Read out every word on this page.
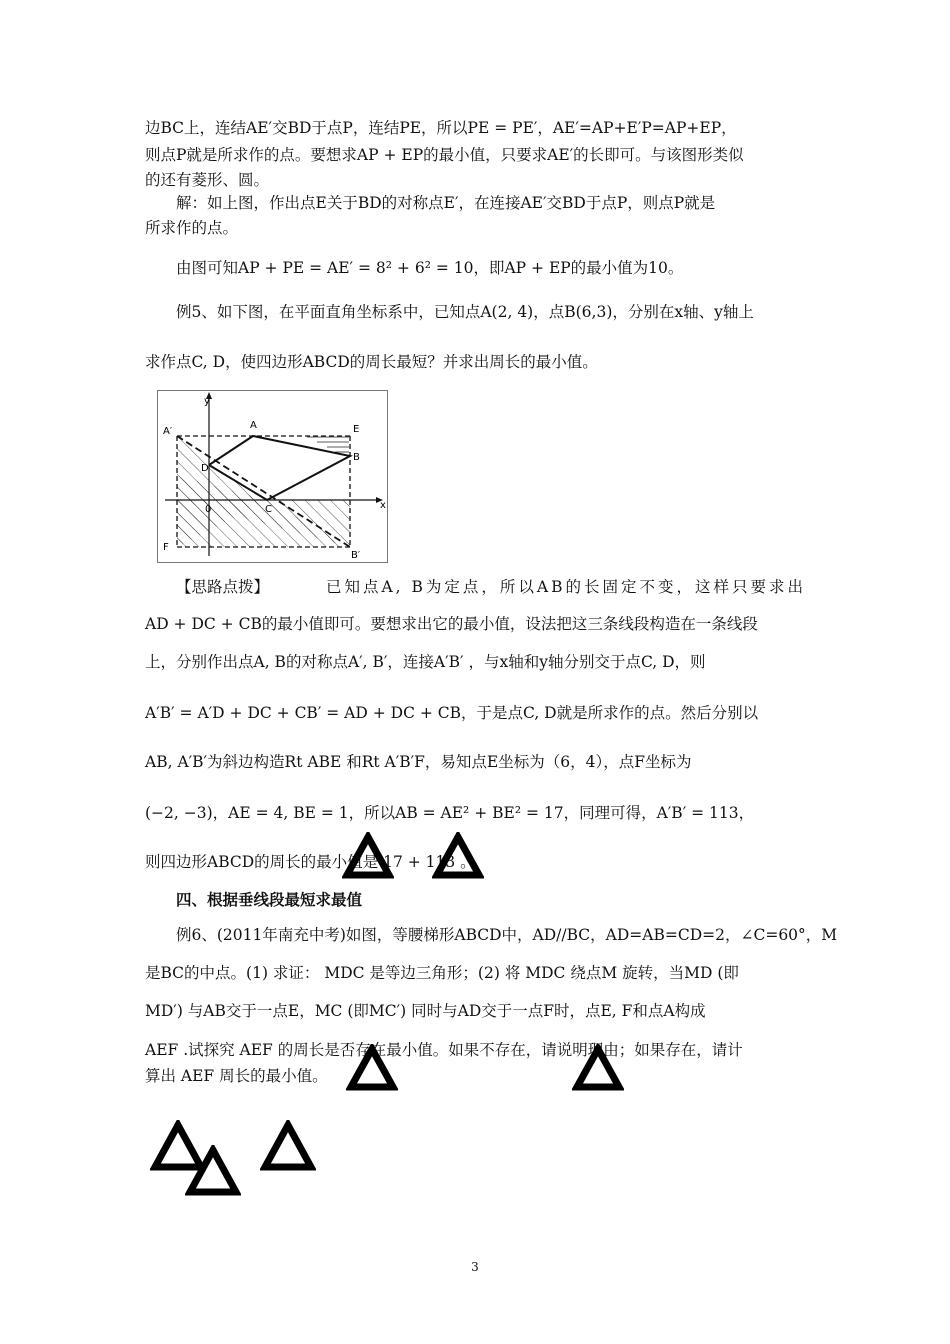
边BC上，连结AE′交BD于点P，连结PE，所以PE = PE′，AE′=AP+E′P=AP+EP，
则点P就是所求作的点。要想求AP + EP的最小值，只要求AE′的长即可。与该图形类似
的还有菱形、圆。
解：如上图，作出点E关于BD的对称点E′，在连接AE′交BD于点P，则点P就是
所求作的点。
由图可知AP + PE = AE′ = 8² + 6² = 10，即AP + EP的最小值为10。
例5、如下图，在平面直角坐标系中，已知点A(2, 4)，点B(6,3)，分别在x轴、y轴上
求作点C, D，使四边形ABCD的周长最短？并求出周长的最小值。
y
x
A	E
A′
B
D
0	C
F
B′
【思路点拨】	已知点A, B为定点，所以AB的长固定不变，这样只要求出
AD + DC + CB的最小值即可。要想求出它的最小值，设法把这三条线段构造在一条线段
上，分别作出点A, B的对称点A′, B′，连接A′B′ ，与x轴和y轴分别交于点C, D，则
A′B′ = A′D + DC + CB′ = AD + DC + CB，于是点C, D就是所求作的点。然后分别以
AB, A′B′为斜边构造Rt ABE 和Rt A′B′F，易知点E坐标为（6，4），点F坐标为
(−2, −3)，AE = 4, BE = 1，所以AB = AE² + BE² = 17，同理可得，A′B′ = 113，
则四边形ABCD的周长的最小值是 17 + 113 。
四、根据垂线段最短求最值
例6、(2011年南充中考)如图，等腰梯形ABCD中，AD//BC，AD=AB=CD=2，∠C=60°，M
是BC的中点。(1) 求证： MDC 是等边三角形；(2) 将 MDC 绕点M 旋转，当MD (即
MD′) 与AB交于一点E，MC (即MC′) 同时与AD交于一点F时，点E, F和点A构成
AEF .试探究 AEF 的周长是否存在最小值。如果不存在，请说明理由；如果存在，请计
算出 AEF 周长的最小值。
3
